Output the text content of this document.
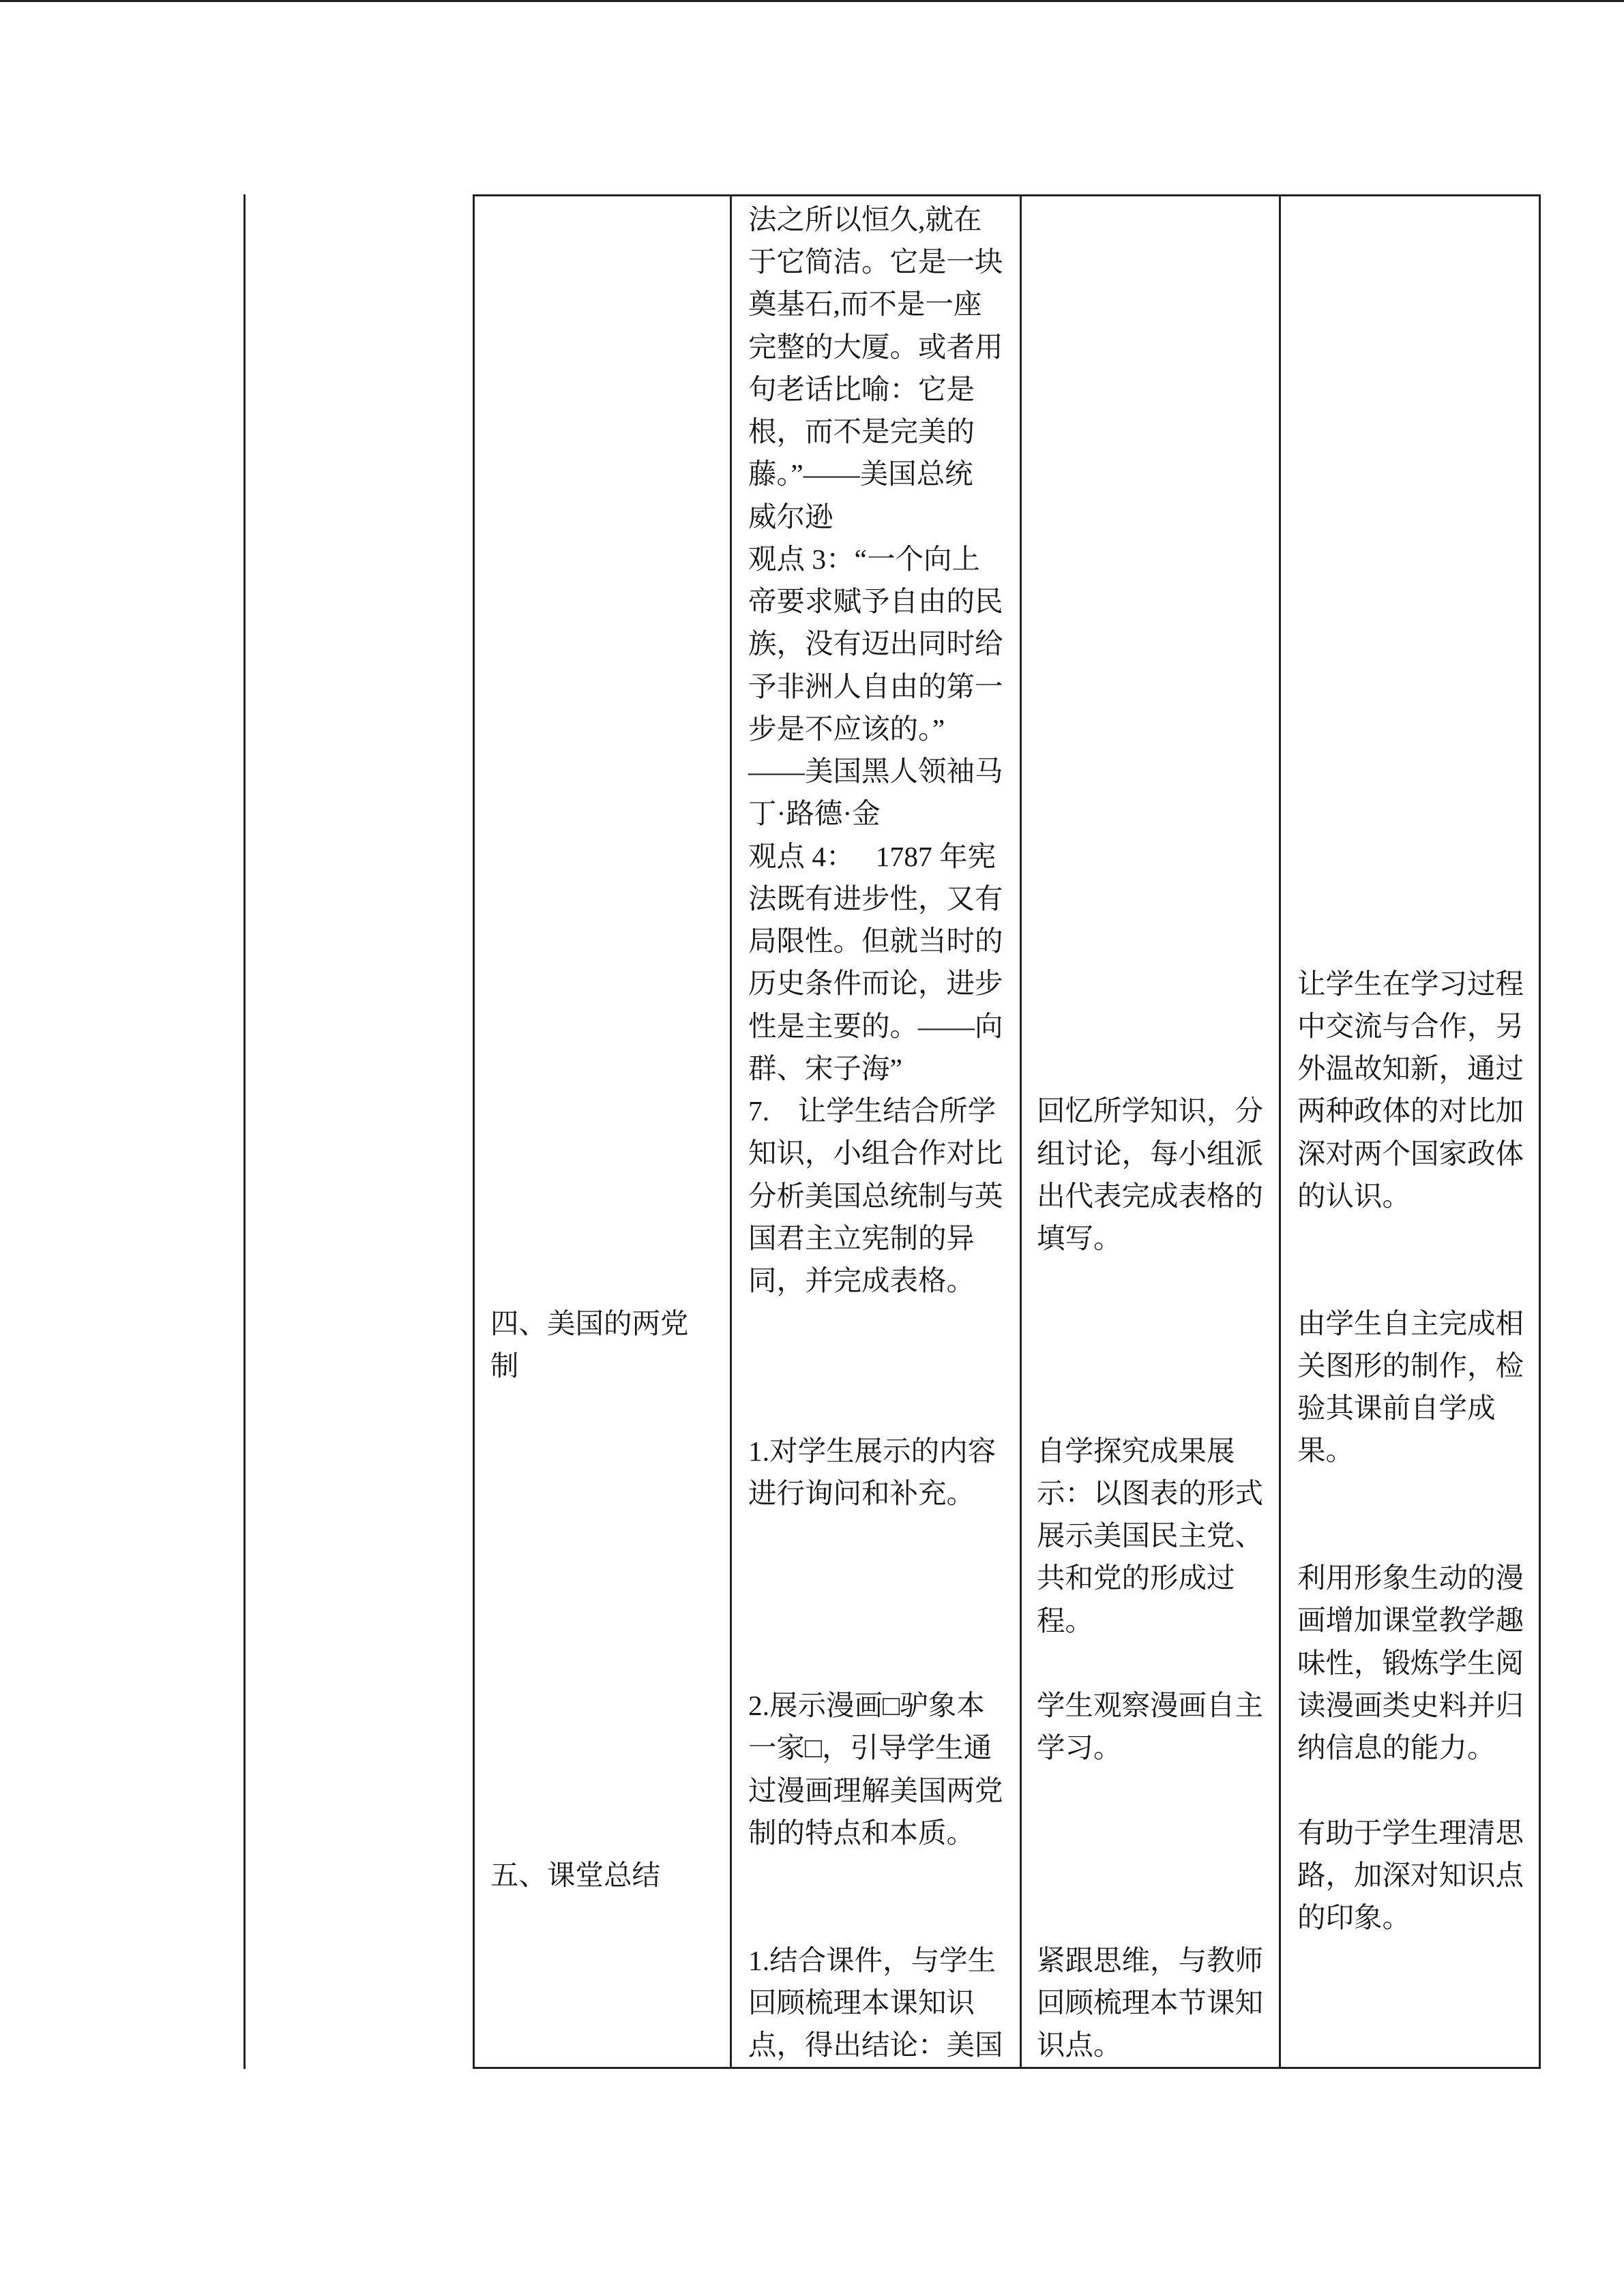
四、美国的两党
制
五、课堂总结
法之所以恒久,就在
于它简洁。它是一块
奠基石,而不是一座
完整的大厦。或者用
句老话比喻：它是
根，而不是完美的
藤。”——美国总统
威尔逊
观点 3：“一个向上
帝要求赋予自由的民
族，没有迈出同时给
予非洲人自由的第一
步是不应该的。”
——美国黑人领袖马
丁·路德·金
观点 4：   1787 年宪
法既有进步性，又有
局限性。但就当时的
历史条件而论，进步
性是主要的。——向
群、宋子海”
7.    让学生结合所学
知识，小组合作对比
分析美国总统制与英
国君主立宪制的异
同，并完成表格。
1.对学生展示的内容
进行询问和补充。
2.展示漫画□驴象本
一家□，引导学生通
过漫画理解美国两党
制的特点和本质。
1.结合课件，与学生
回顾梳理本课知识
点，得出结论：美国
回忆所学知识，分
组讨论，每小组派
出代表完成表格的
填写。
自学探究成果展
示：以图表的形式
展示美国民主党、
共和党的形成过
程。
学生观察漫画自主
学习。
紧跟思维，与教师
回顾梳理本节课知
识点。
让学生在学习过程
中交流与合作，另
外温故知新，通过
两种政体的对比加
深对两个国家政体
的认识。
由学生自主完成相
关图形的制作，检
验其课前自学成
果。
利用形象生动的漫
画增加课堂教学趣
味性，锻炼学生阅
读漫画类史料并归
纳信息的能力。
有助于学生理清思
路，加深对知识点
的印象。
